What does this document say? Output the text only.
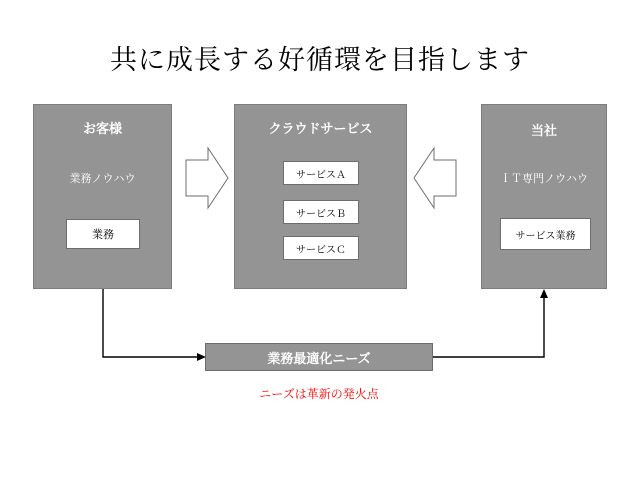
共に成長する好循環を目指します
お客様
業務ノウハウ
業務
クラウドサービス
サービスＡ
サービスＢ
サービスＣ
当社
ＩＴ専門ノウハウ
サービス業務
業務最適化ニーズ
ニーズは革新の発火点
